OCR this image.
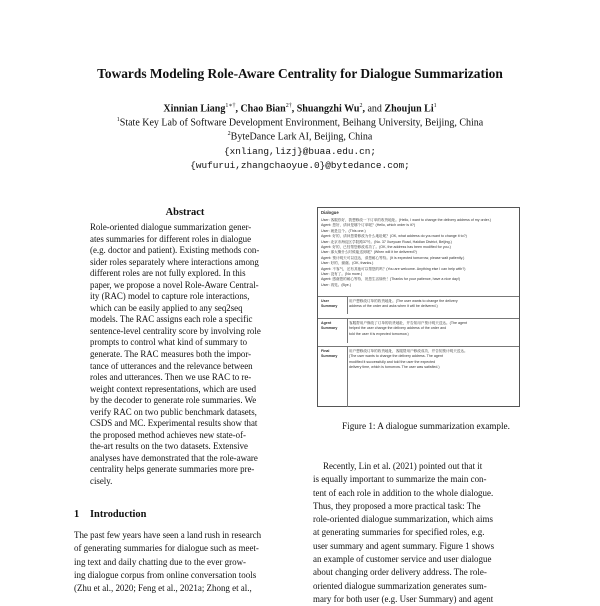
Towards Modeling Role-Aware Centrality for Dialogue Summarization
Xinnian Liang$^{1∗\dagger}$, Chao Bian$^{2\dagger}$, Shuangzhi Wu$^2$, and Zhoujun Li$^1$
$^1$State Key Lab of Software Development Environment, Beihang University, Beijing, China
$^2$ByteDance Lark AI, Beijing, China
{xnliang,lizj}@buaa.edu.cn;
{wufurui,zhangchaoyue.0}@bytedance.com;
Abstract
Role-oriented dialogue summarization gener-
ates summaries for different roles in dialogue
(e.g. doctor and patient). Existing methods con-
sider roles separately where interactions among
different roles are not fully explored. In this
paper, we propose a novel Role-Aware Central-
ity (RAC) model to capture role interactions,
which can be easily applied to any seq2seq
models. The RAC assigns each role a specific
sentence-level centrality score by involving role
prompts to control what kind of summary to
generate. The RAC measures both the impor-
tance of utterances and the relevance between
roles and utterances. Then we use RAC to re-
weight context representations, which are used
by the decoder to generate role summaries. We
verify RAC on two public benchmark datasets,
CSDS and MC. Experimental results show that
the proposed method achieves new state-of-
the-art results on the two datasets. Extensive
analyses have demonstrated that the role-aware
centrality helps generate summaries more pre-
cisely.
1 Introduction
The past few years have seen a land rush in research
of generating summaries for dialogue such as meet-
ing text and daily chatting due to the ever grow-
ing dialogue corpus from online conversation tools
(Zhu et al., 2020; Feng et al., 2021a; Zhong et al.,
Dialogue
User: 客服你好，我想修改一下订单的收货地址。(Hello, I want to change the delivery address of my order.)
Agent: 您好，请问是哪个订单呢？(Hello, which order is it?)
User: 就是这个。(This one.)
Agent: 好的，请问您要修改为什么地址呢？(OK, what address do you want to change it to?)
User: 北京市海淀区学院路37号。(No. 37 Xueyuan Road, Haidian District, Beijing.)
Agent: 好的，已经帮您修改成功了。(OK, the address has been modified for you.)
User: 那大概什么时候能送到呢？(When will it be delivered?)
Agent: 预计明天可以送达，请您耐心等待。(It is expected tomorrow, please wait patiently.)
User: 好的，谢谢。(OK, thanks.)
Agent: 不客气，还有其他可以帮您的吗？(You are welcome. Anything else I can help with?)
User: 没有了。(No more.)
Agent: 感谢您的耐心等待，祝您生活愉快！(Thanks for your patience, have a nice day!)
User: 再见。(Bye.)
User Summary
用户想修改订单的收货地址。(The user wants to change the delivery
address of the order and asks when it will be delivered.)
Agent Summary
客服帮用户修改了订单的收货地址，并告知用户预计明天送达。(The agent
helped the user change the delivery address of the order and
told the user it is expected tomorrow.)
Final Summary
用户想修改订单的收货地址，客服帮用户修改成功，并告知预计明天送达。
(The user wants to change the delivery address. The agent
modified it successfully and told the user the expected
delivery time, which is tomorrow. The user was satisfied.)
Figure 1: A dialogue summarization example.
Recently, Lin et al. (2021) pointed out that it
is equally important to summarize the main con-
tent of each role in addition to the whole dialogue.
Thus, they proposed a more practical task: The
role-oriented dialogue summarization, which aims
at generating summaries for specified roles, e.g.
user summary and agent summary. Figure 1 shows
an example of customer service and user dialogue
about changing order delivery address. The role-
oriented dialogue summarization generates sum-
mary for both user (e.g. User Summary) and agent
